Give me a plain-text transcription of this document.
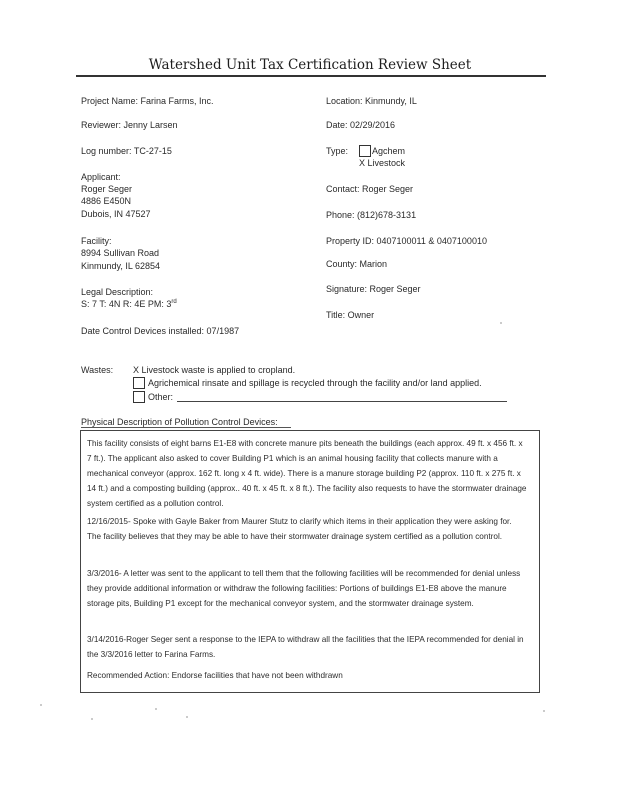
Watershed Unit Tax Certification Review Sheet
Project Name: Farina Farms, Inc.
Reviewer: Jenny Larsen
Log number: TC-27-15
Applicant:
Roger Seger
4886 E450N
Dubois, IN 47527
Facility:
8994 Sullivan Road
Kinmundy, IL 62854
Legal Description:
S: 7 T: 4N R: 4E PM: 3rd
Date Control Devices installed: 07/1987
Location: Kinmundy, IL
Date: 02/29/2016
Type:	Agchem
X Livestock
Contact: Roger Seger
Phone: (812)678-3131
Property ID: 0407100011 & 0407100010
County: Marion
Signature: Roger Seger
Title: Owner
Wastes: X Livestock waste is applied to cropland.
Agrichemical rinsate and spillage is recycled through the facility and/or land applied.
Other:
Physical Description of Pollution Control Devices:
This facility consists of eight barns E1-E8 with concrete manure pits beneath the buildings (each approx. 49 ft. x 456 ft. x 7 ft.). The applicant also asked to cover Building P1 which is an animal housing facility that collects manure with a mechanical conveyor (approx. 162 ft. long x 4 ft. wide). There is a manure storage building P2 (approx. 110 ft. x 275 ft. x 14 ft.) and a composting building (approx.. 40 ft. x 45 ft. x 8 ft.). The facility also requests to have the stormwater drainage system certified as a pollution control.
12/16/2015- Spoke with Gayle Baker from Maurer Stutz to clarify which items in their application they were asking for. The facility believes that they may be able to have their stormwater drainage system certified as a pollution control.
3/3/2016- A letter was sent to the applicant to tell them that the following facilities will be recommended for denial unless they provide additional information or withdraw the following facilities: Portions of buildings E1-E8 above the manure storage pits, Building P1 except for the mechanical conveyor system, and the stormwater drainage system.
3/14/2016-Roger Seger sent a response to the IEPA to withdraw all the facilities that the IEPA recommended for denial in the 3/3/2016 letter to Farina Farms.
Recommended Action: Endorse facilities that have not been withdrawn
